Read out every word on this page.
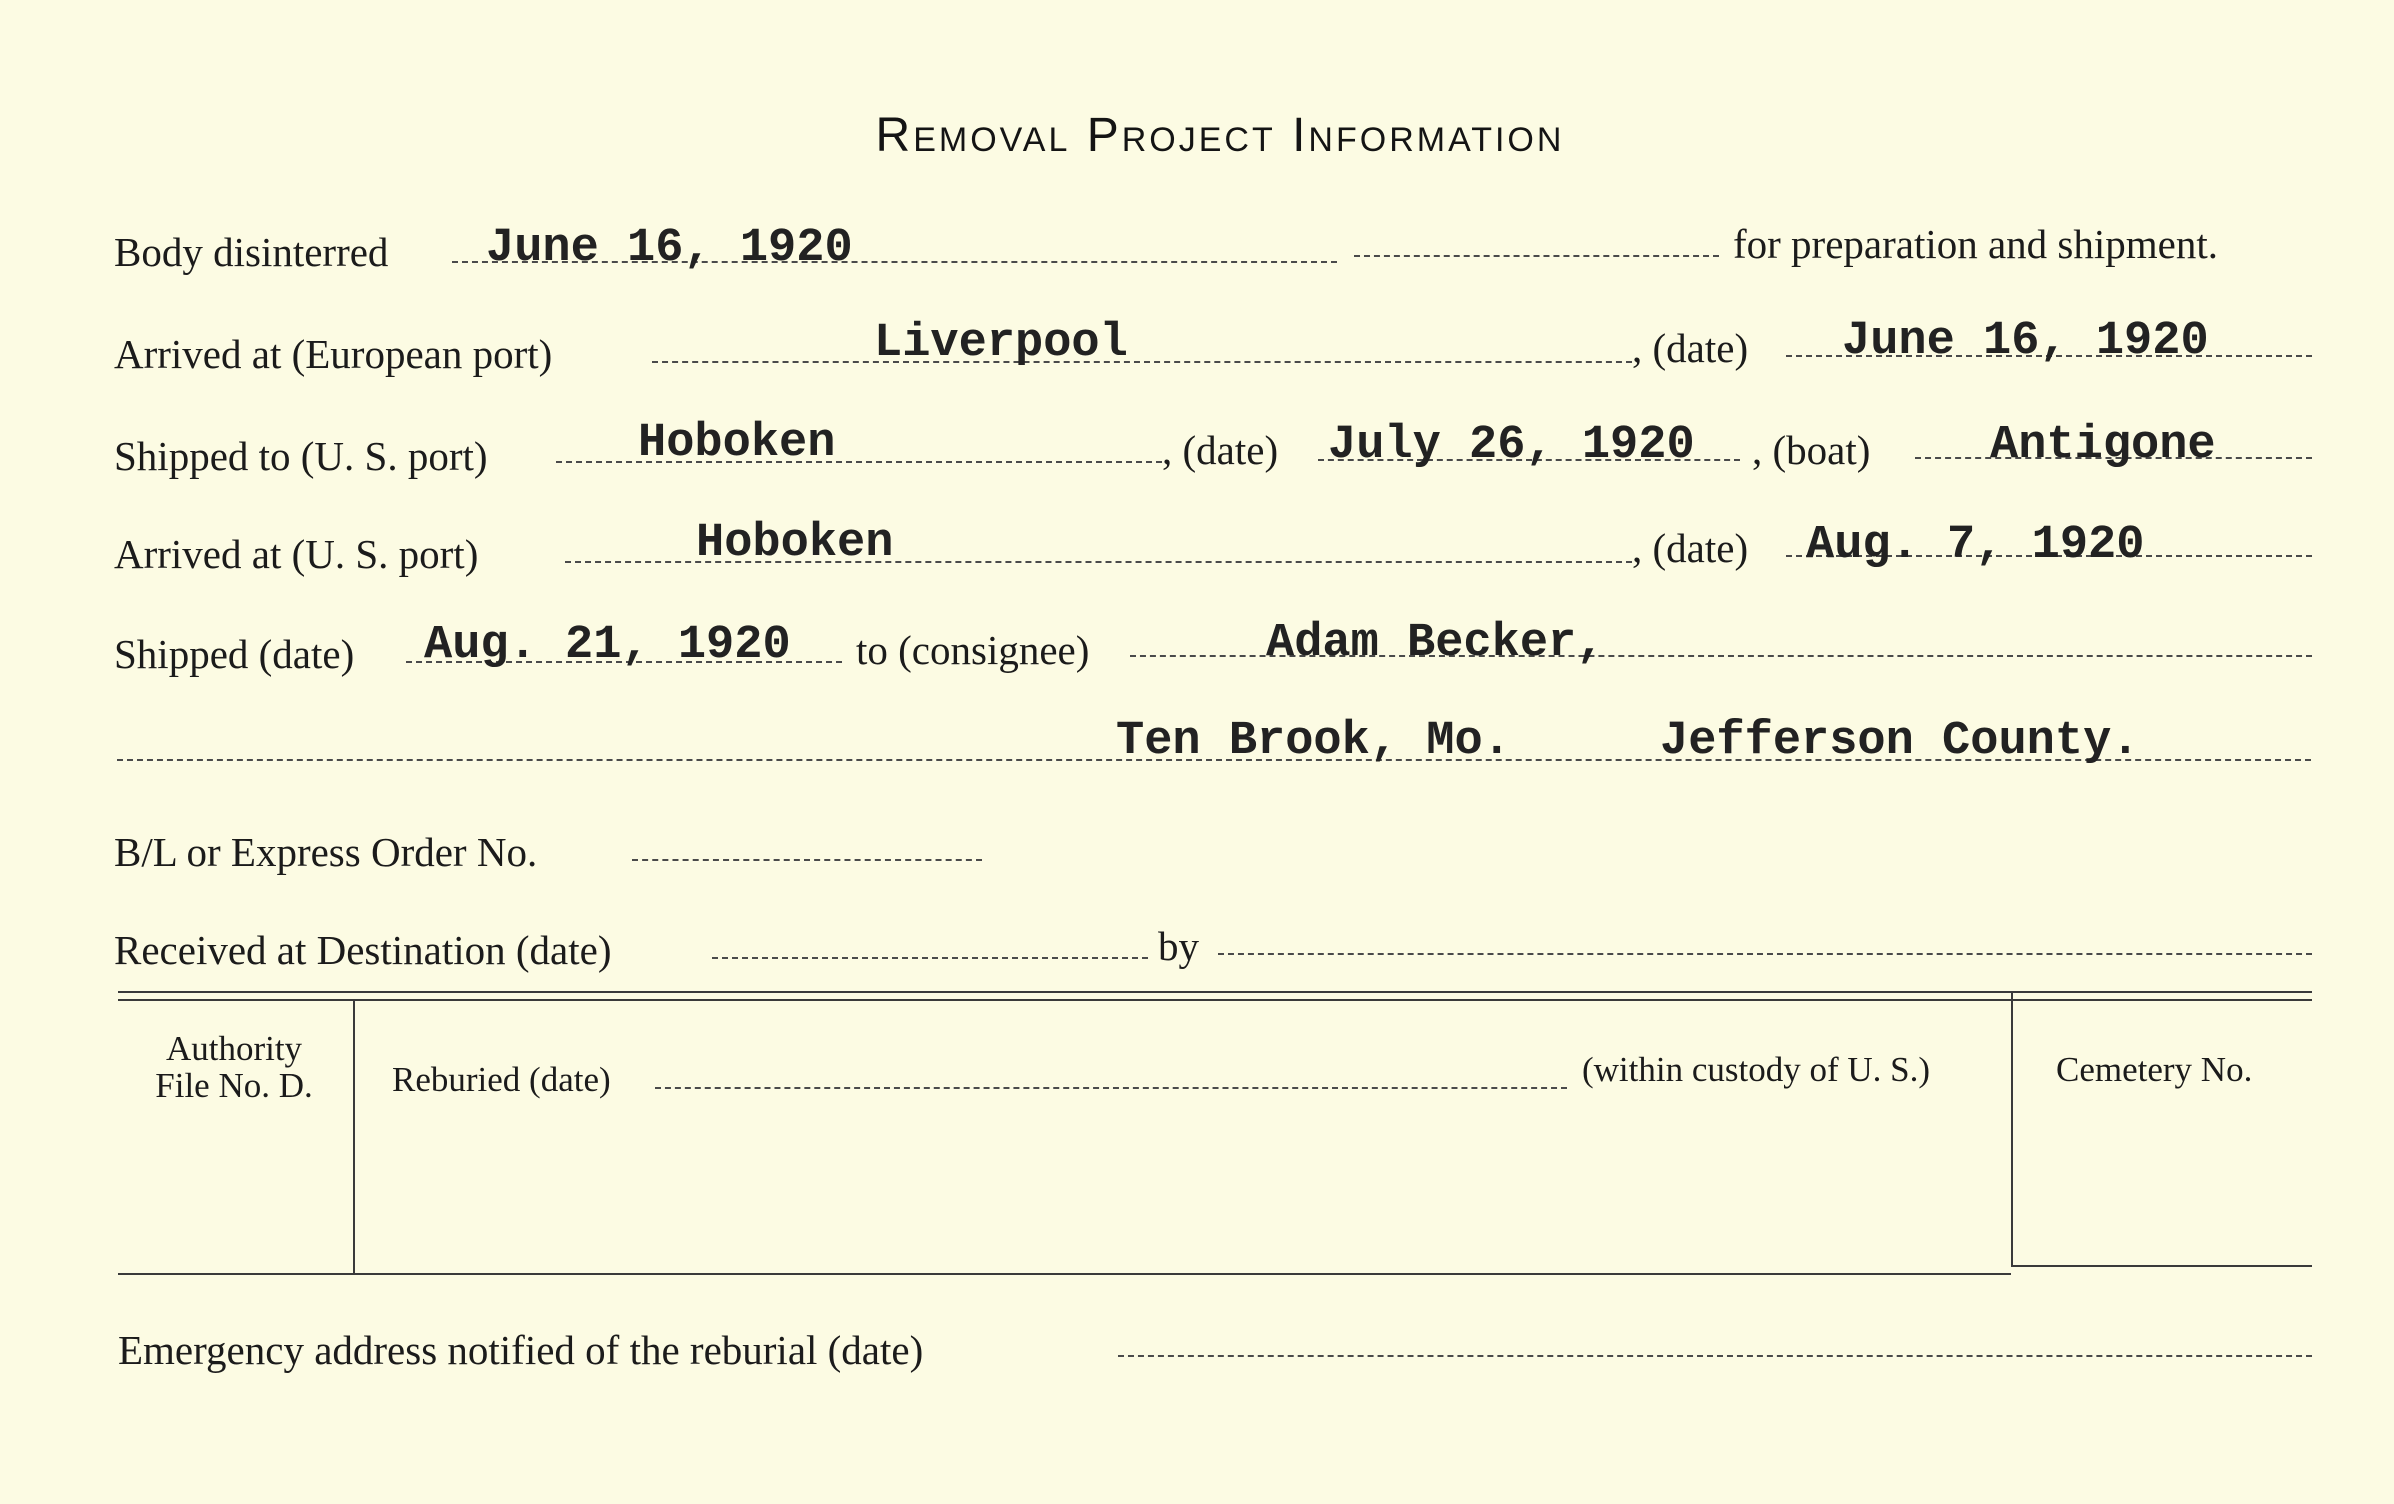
Removal Project Information
Body disinterred June 16, 1920	for preparation and shipment.
Arrived at (European port)	Liverpool	, (date) June 16, 1920
Shipped to (U. S. port)	Hoboken	, (date) July 26, 1920 , (boat)	Antigone
Arrived at (U. S. port)	Hoboken	, (date) Aug. 7, 1920
Shipped (date) Aug. 21, 1920 to (consignee)	Adam Becker,
Ten Brook, Mo.	Jefferson County.
B/L or Express Order No.
Received at Destination (date)	by
Authority
File No. D.	Reburied (date)	(within custody of U. S.)	Cemetery No.
Emergency address notified of the reburial (date)
